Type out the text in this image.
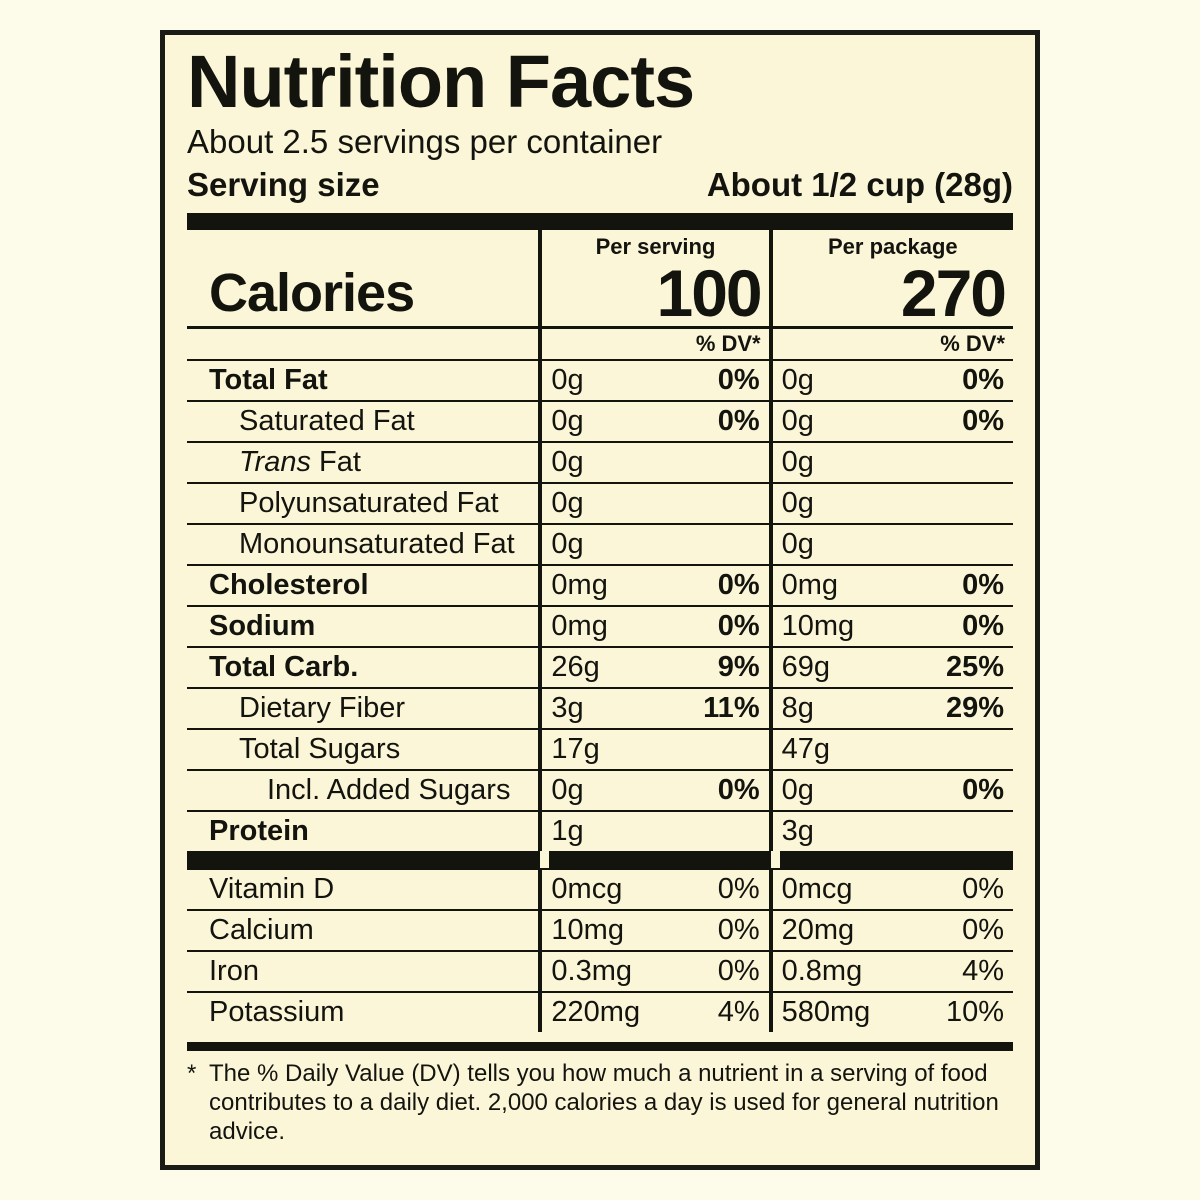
Nutrition Facts
About 2.5 servings per container
Serving size	About 1/2 cup (28g)
	Per serving		Per package	
Calories	100		270	
		% DV*		% DV*
Total Fat	0g	0%	0g	0%
Saturated Fat	0g	0%	0g	0%
Trans Fat	0g		0g	
Polyunsaturated Fat	0g		0g	
Monounsaturated Fat	0g		0g	
Cholesterol	0mg	0%	0mg	0%
Sodium	0mg	0%	10mg	0%
Total Carb.	26g	9%	69g	25%
Dietary Fiber	3g	11%	8g	29%
Total Sugars	17g		47g	
Incl. Added Sugars	0g	0%	0g	0%
Protein	1g		3g	

Vitamin D	0mcg	0%	0mcg	0%
Calcium	10mg	0%	20mg	0%
Iron	0.3mg	0%	0.8mg	4%
Potassium	220mg	4%	580mg	10%
* The % Daily Value (DV) tells you how much a nutrient in a serving of food contributes to a daily diet. 2,000 calories a day is used for general nutrition advice.
